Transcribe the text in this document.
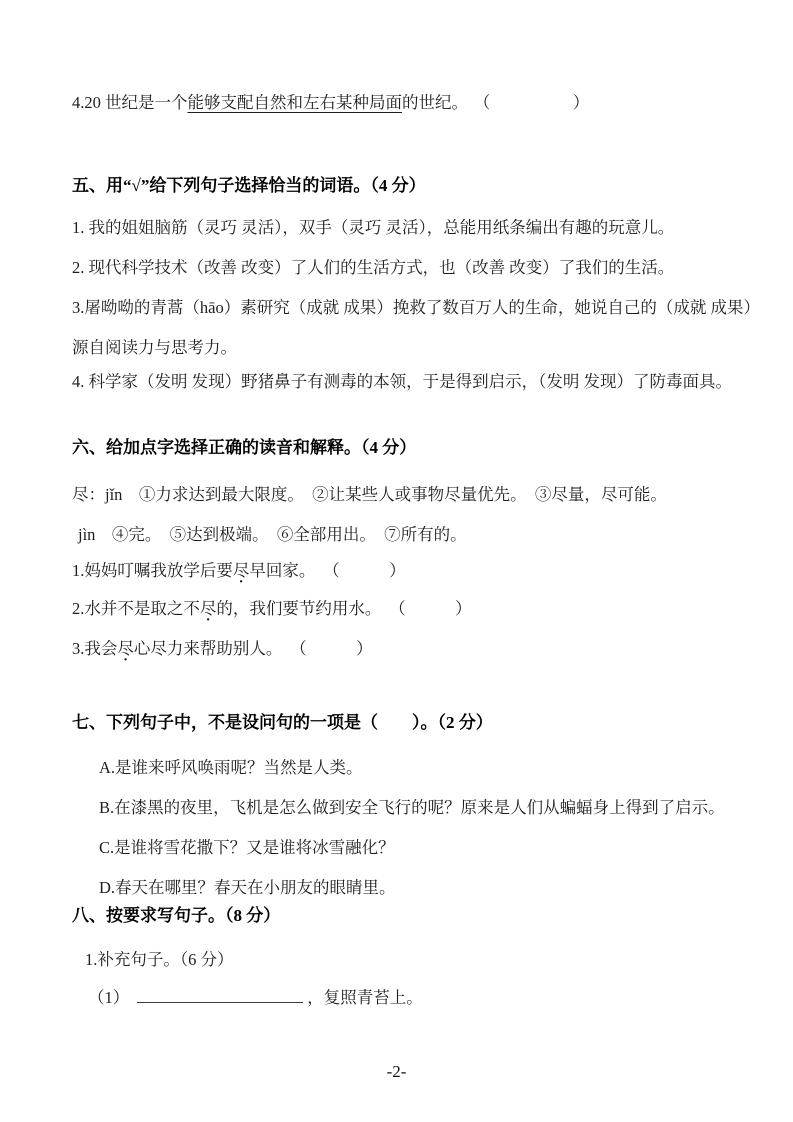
4.20 世纪是一个能够支配自然和左右某种局面的世纪。 （　　　　　）

五、用“√”给下列句子选择恰当的词语。（4 分）

1. 我的姐姐脑筋（灵巧 灵活），双手（灵巧 灵活），总能用纸条编出有趣的玩意儿。

2. 现代科学技术（改善 改变）了人们的生活方式，也（改善 改变）了我们的生活。

3.屠呦呦的青蒿（hāo）素研究（成就 成果）挽救了数百万人的生命，她说自己的（成就 成果）源自阅读力与思考力。

4. 科学家（发明 发现）野猪鼻子有测毒的本领，于是得到启示，（发明 发现）了防毒面具。

六、给加点字选择正确的读音和解释。（4 分）

尽：jǐn　①力求达到最大限度。　②让某些人或事物尽量优先。　③尽量，尽可能。

jìn　④完。　⑤达到极端。　⑥全部用出。　⑦所有的。

1.妈妈叮嘱我放学后要尽早回家。 （　　　）

2.水并不是取之不尽的，我们要节约用水。 （　　　）

3.我会尽心尽力来帮助别人。 （　　　）

七、下列句子中，不是设问句的一项是（　　）。（2 分）

A.是谁来呼风唤雨呢？当然是人类。

B.在漆黑的夜里，飞机是怎么做到安全飞行的呢？原来是人们从蝙蝠身上得到了启示。

C.是谁将雪花撒下？又是谁将冰雪融化？

D.春天在哪里？春天在小朋友的眼睛里。

八、按要求写句子。（8 分）

1.补充句子。（6 分）

（1）	，复照青苔上。

-2-
